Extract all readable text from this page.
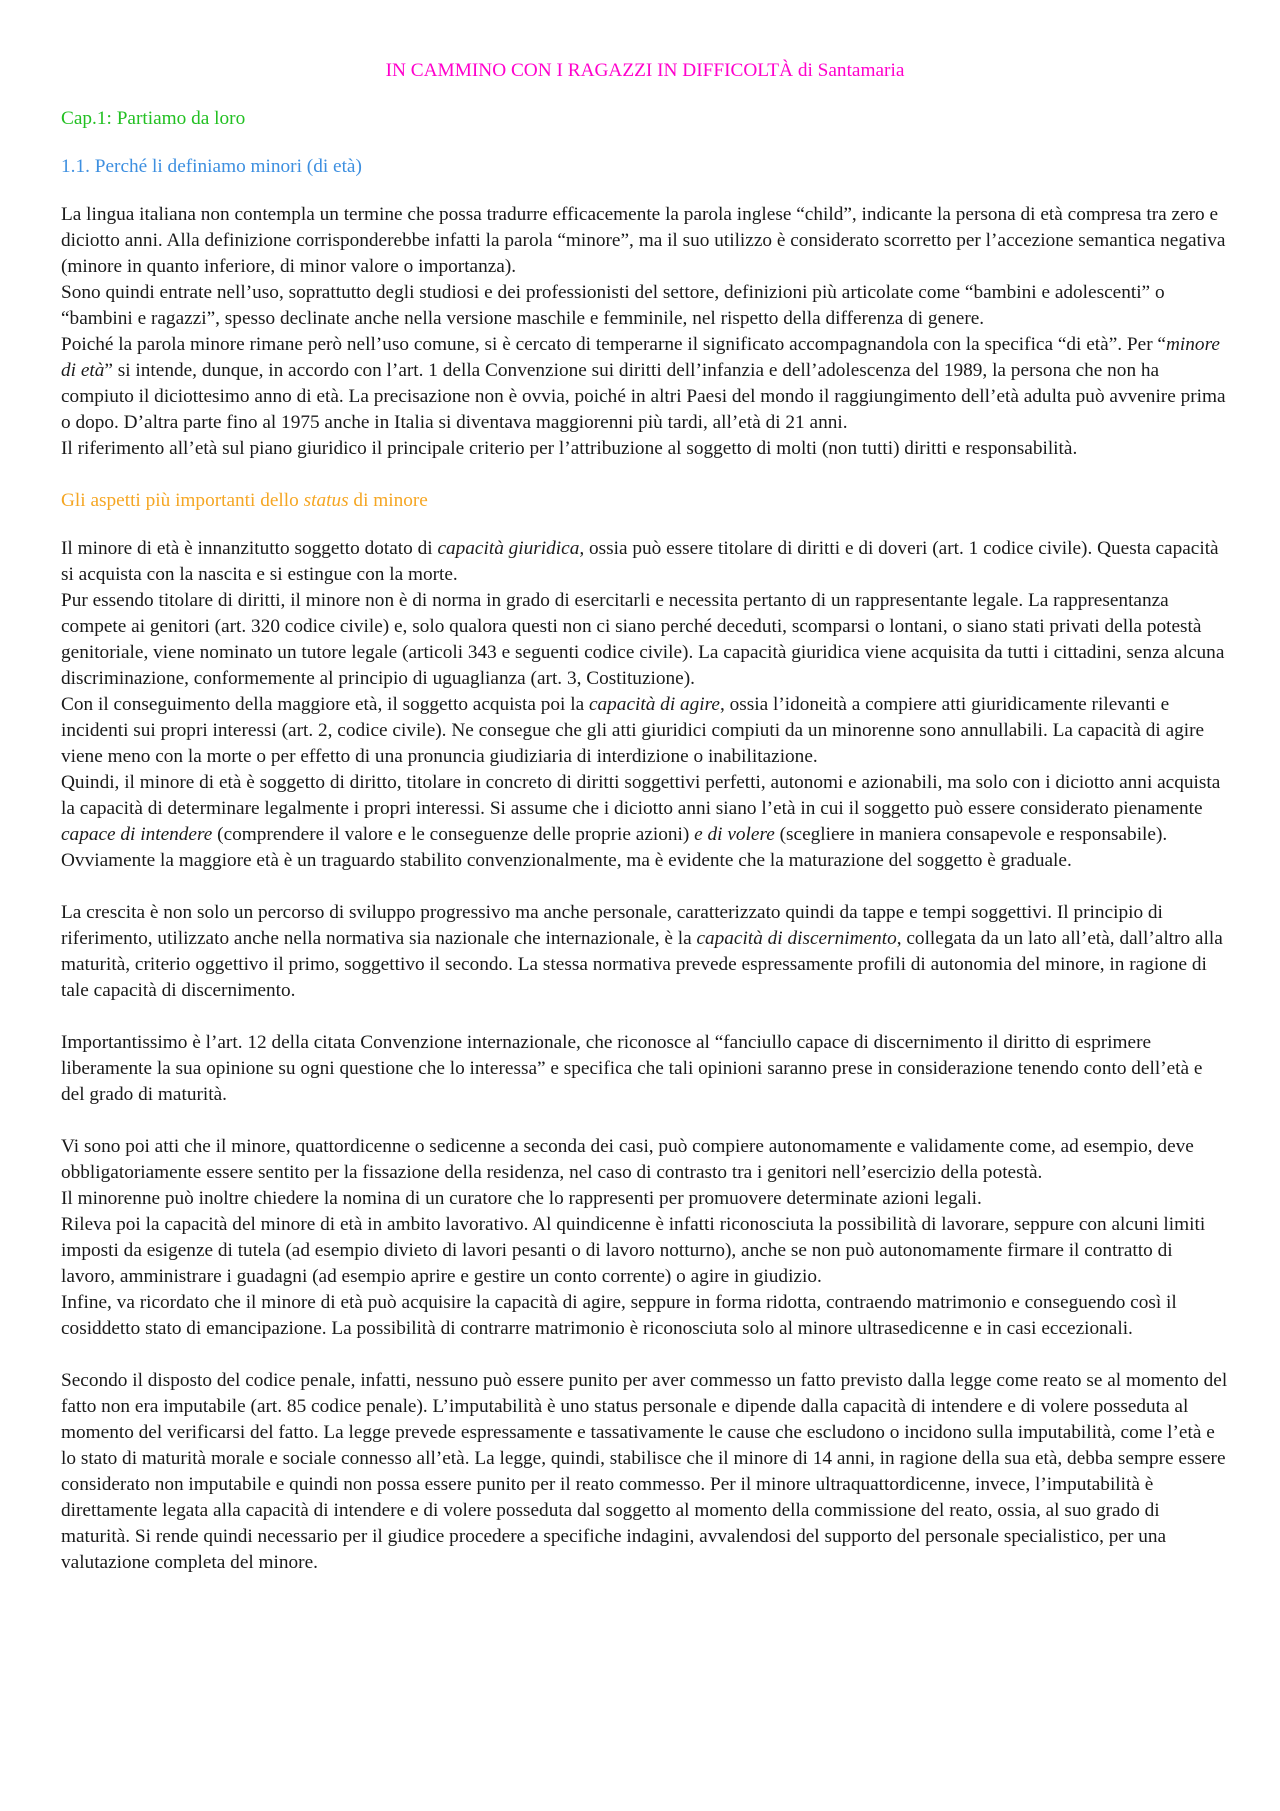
IN CAMMINO CON I RAGAZZI IN DIFFICOLTÀ di Santamaria
Cap.1: Partiamo da loro
1.1. Perché li definiamo minori (di età)

La lingua italiana non contempla un termine che possa tradurre efficacemente la parola inglese “child”, indicante la persona di età compresa tra zero e diciotto anni. Alla definizione corrisponderebbe infatti la parola “minore”, ma il suo utilizzo è considerato scorretto per l’accezione semantica negativa (minore in quanto inferiore, di minor valore o importanza).

Sono quindi entrate nell’uso, soprattutto degli studiosi e dei professionisti del settore, definizioni più articolate come “bambini e adolescenti” o “bambini e ragazzi”, spesso declinate anche nella versione maschile e femminile, nel rispetto della differenza di genere.

Poiché la parola minore rimane però nell’uso comune, si è cercato di temperarne il significato accompagnandola con la specifica “di età”. Per “minore di età” si intende, dunque, in accordo con l’art. 1 della Convenzione sui diritti dell’infanzia e dell’adolescenza del 1989, la persona che non ha compiuto il diciottesimo anno di età. La precisazione non è ovvia, poiché in altri Paesi del mondo il raggiungimento dell’età adulta può avvenire prima o dopo. D’altra parte fino al 1975 anche in Italia si diventava maggiorenni più tardi, all’età di 21 anni.

Il riferimento all’età sul piano giuridico il principale criterio per l’attribuzione al soggetto di molti (non tutti) diritti e responsabilità.

Gli aspetti più importanti dello status di minore

Il minore di età è innanzitutto soggetto dotato di capacità giuridica, ossia può essere titolare di diritti e di doveri (art. 1 codice civile). Questa capacità si acquista con la nascita e si estingue con la morte.

Pur essendo titolare di diritti, il minore non è di norma in grado di esercitarli e necessita pertanto di un rappresentante legale. La rappresentanza compete ai genitori (art. 320 codice civile) e, solo qualora questi non ci siano perché deceduti, scomparsi o lontani, o siano stati privati della potestà genitoriale, viene nominato un tutore legale (articoli 343 e seguenti codice civile). La capacità giuridica viene acquisita da tutti i cittadini, senza alcuna discriminazione, conformemente al principio di uguaglianza (art. 3, Costituzione).

Con il conseguimento della maggiore età, il soggetto acquista poi la capacità di agire, ossia l’idoneità a compiere atti giuridicamente rilevanti e incidenti sui propri interessi (art. 2, codice civile). Ne consegue che gli atti giuridici compiuti da un minorenne sono annullabili. La capacità di agire viene meno con la morte o per effetto di una pronuncia giudiziaria di interdizione o inabilitazione.

Quindi, il minore di età è soggetto di diritto, titolare in concreto di diritti soggettivi perfetti, autonomi e azionabili, ma solo con i diciotto anni acquista la capacità di determinare legalmente i propri interessi. Si assume che i diciotto anni siano l’età in cui il soggetto può essere considerato pienamente capace di intendere (comprendere il valore e le conseguenze delle proprie azioni) e di volere (scegliere in maniera consapevole e responsabile). Ovviamente la maggiore età è un traguardo stabilito convenzionalmente, ma è evidente che la maturazione del soggetto è graduale.

La crescita è non solo un percorso di sviluppo progressivo ma anche personale, caratterizzato quindi da tappe e tempi soggettivi. Il principio di riferimento, utilizzato anche nella normativa sia nazionale che internazionale, è la capacità di discernimento, collegata da un lato all’età, dall’altro alla maturità, criterio oggettivo il primo, soggettivo il secondo. La stessa normativa prevede espressamente profili di autonomia del minore, in ragione di tale capacità di discernimento.

Importantissimo è l’art. 12 della citata Convenzione internazionale, che riconosce al “fanciullo capace di discernimento il diritto di esprimere liberamente la sua opinione su ogni questione che lo interessa” e specifica che tali opinioni saranno prese in considerazione tenendo conto dell’età e del grado di maturità.

Vi sono poi atti che il minore, quattordicenne o sedicenne a seconda dei casi, può compiere autonomamente e validamente come, ad esempio, deve obbligatoriamente essere sentito per la fissazione della residenza, nel caso di contrasto tra i genitori nell’esercizio della potestà.

Il minorenne può inoltre chiedere la nomina di un curatore che lo rappresenti per promuovere determinate azioni legali.

Rileva poi la capacità del minore di età in ambito lavorativo. Al quindicenne è infatti riconosciuta la possibilità di lavorare, seppure con alcuni limiti imposti da esigenze di tutela (ad esempio divieto di lavori pesanti o di lavoro notturno), anche se non può autonomamente firmare il contratto di lavoro, amministrare i guadagni (ad esempio aprire e gestire un conto corrente) o agire in giudizio.

Infine, va ricordato che il minore di età può acquisire la capacità di agire, seppure in forma ridotta, contraendo matrimonio e conseguendo così il cosiddetto stato di emancipazione. La possibilità di contrarre matrimonio è riconosciuta solo al minore ultrasedicenne e in casi eccezionali.

Secondo il disposto del codice penale, infatti, nessuno può essere punito per aver commesso un fatto previsto dalla legge come reato se al momento del fatto non era imputabile (art. 85 codice penale). L’imputabilità è uno status personale e dipende dalla capacità di intendere e di volere posseduta al momento del verificarsi del fatto. La legge prevede espressamente e tassativamente le cause che escludono o incidono sulla imputabilità, come l’età e lo stato di maturità morale e sociale connesso all’età. La legge, quindi, stabilisce che il minore di 14 anni, in ragione della sua età, debba sempre essere considerato non imputabile e quindi non possa essere punito per il reato commesso. Per il minore ultraquattordicenne, invece, l’imputabilità è direttamente legata alla capacità di intendere e di volere posseduta dal soggetto al momento della commissione del reato, ossia, al suo grado di maturità. Si rende quindi necessario per il giudice procedere a specifiche indagini, avvalendosi del supporto del personale specialistico, per una valutazione completa del minore.
